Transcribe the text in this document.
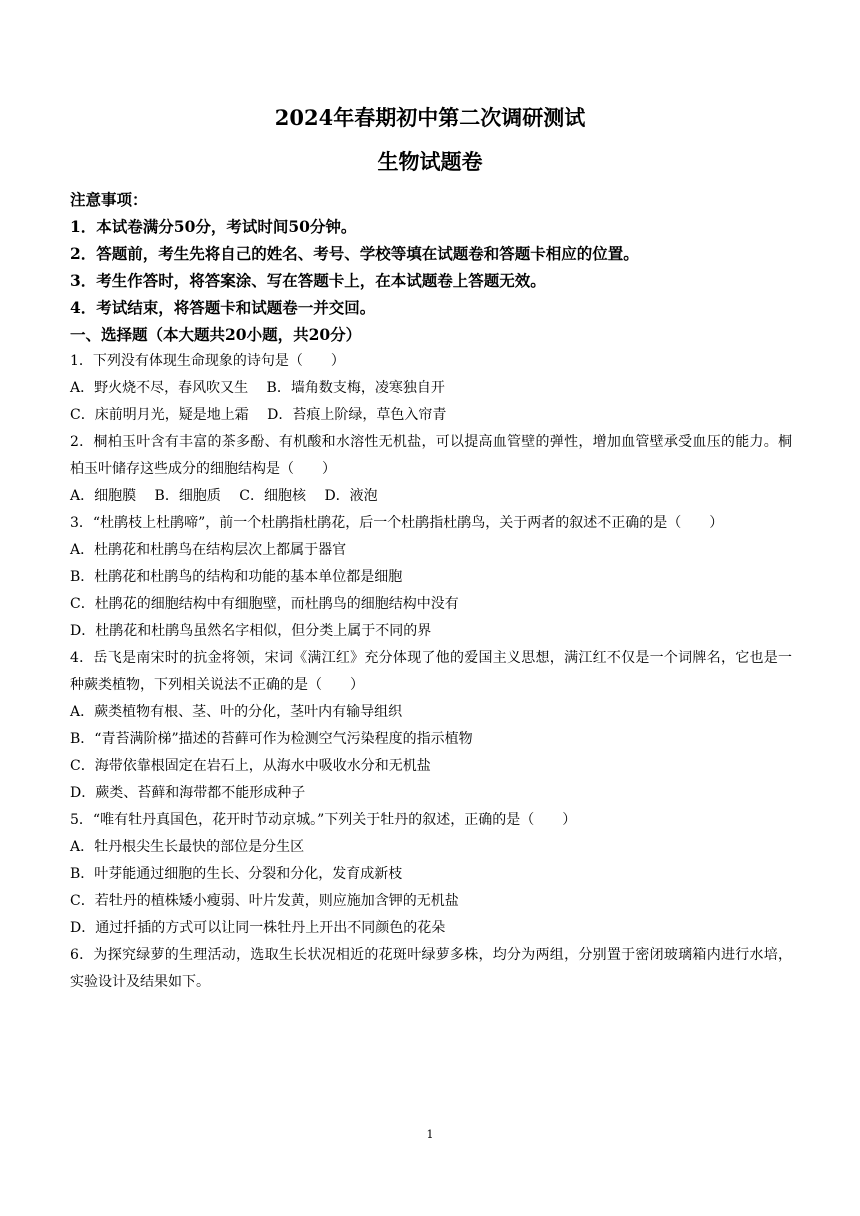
2024年春期初中第二次调研测试
生物试题卷
注意事项：
1．本试卷满分50分，考试时间50分钟。
2．答题前，考生先将自己的姓名、考号、学校等填在试题卷和答题卡相应的位置。
3．考生作答时，将答案涂、写在答题卡上，在本试题卷上答题无效。
4．考试结束，将答题卡和试题卷一并交回。
一、选择题（本大题共20小题，共20分）
1．下列没有体现生命现象的诗句是（　　）
A．野火烧不尽，春风吹又生　 B．墙角数支梅，凌寒独自开
C．床前明月光，疑是地上霜　 D．苔痕上阶绿，草色入帘青
2．桐柏玉叶含有丰富的茶多酚、有机酸和水溶性无机盐，可以提高血管壁的弹性，增加血管壁承受血压的能力。桐柏玉叶储存这些成分的细胞结构是（　　）
A．细胞膜　 B．细胞质　 C．细胞核　 D．液泡
3．“杜鹃枝上杜鹃啼”，前一个杜鹃指杜鹃花，后一个杜鹃指杜鹃鸟，关于两者的叙述不正确的是（　　）
A．杜鹃花和杜鹃鸟在结构层次上都属于器官
B．杜鹃花和杜鹃鸟的结构和功能的基本单位都是细胞
C．杜鹃花的细胞结构中有细胞壁，而杜鹃鸟的细胞结构中没有
D．杜鹃花和杜鹃鸟虽然名字相似，但分类上属于不同的界
4．岳飞是南宋时的抗金将领，宋词《满江红》充分体现了他的爱国主义思想，满江红不仅是一个词牌名，它也是一种蕨类植物，下列相关说法不正确的是（　　）
A．蕨类植物有根、茎、叶的分化，茎叶内有输导组织
B．“青苔满阶梯”描述的苔藓可作为检测空气污染程度的指示植物
C．海带依靠根固定在岩石上，从海水中吸收水分和无机盐
D．蕨类、苔藓和海带都不能形成种子
5．“唯有牡丹真国色，花开时节动京城。”下列关于牡丹的叙述，正确的是（　　）
A．牡丹根尖生长最快的部位是分生区
B．叶芽能通过细胞的生长、分裂和分化，发育成新枝
C．若牡丹的植株矮小瘦弱、叶片发黄，则应施加含钾的无机盐
D．通过扦插的方式可以让同一株牡丹上开出不同颜色的花朵
6．为探究绿萝的生理活动，选取生长状况相近的花斑叶绿萝多株，均分为两组，分别置于密闭玻璃箱内进行水培，实验设计及结果如下。
1
